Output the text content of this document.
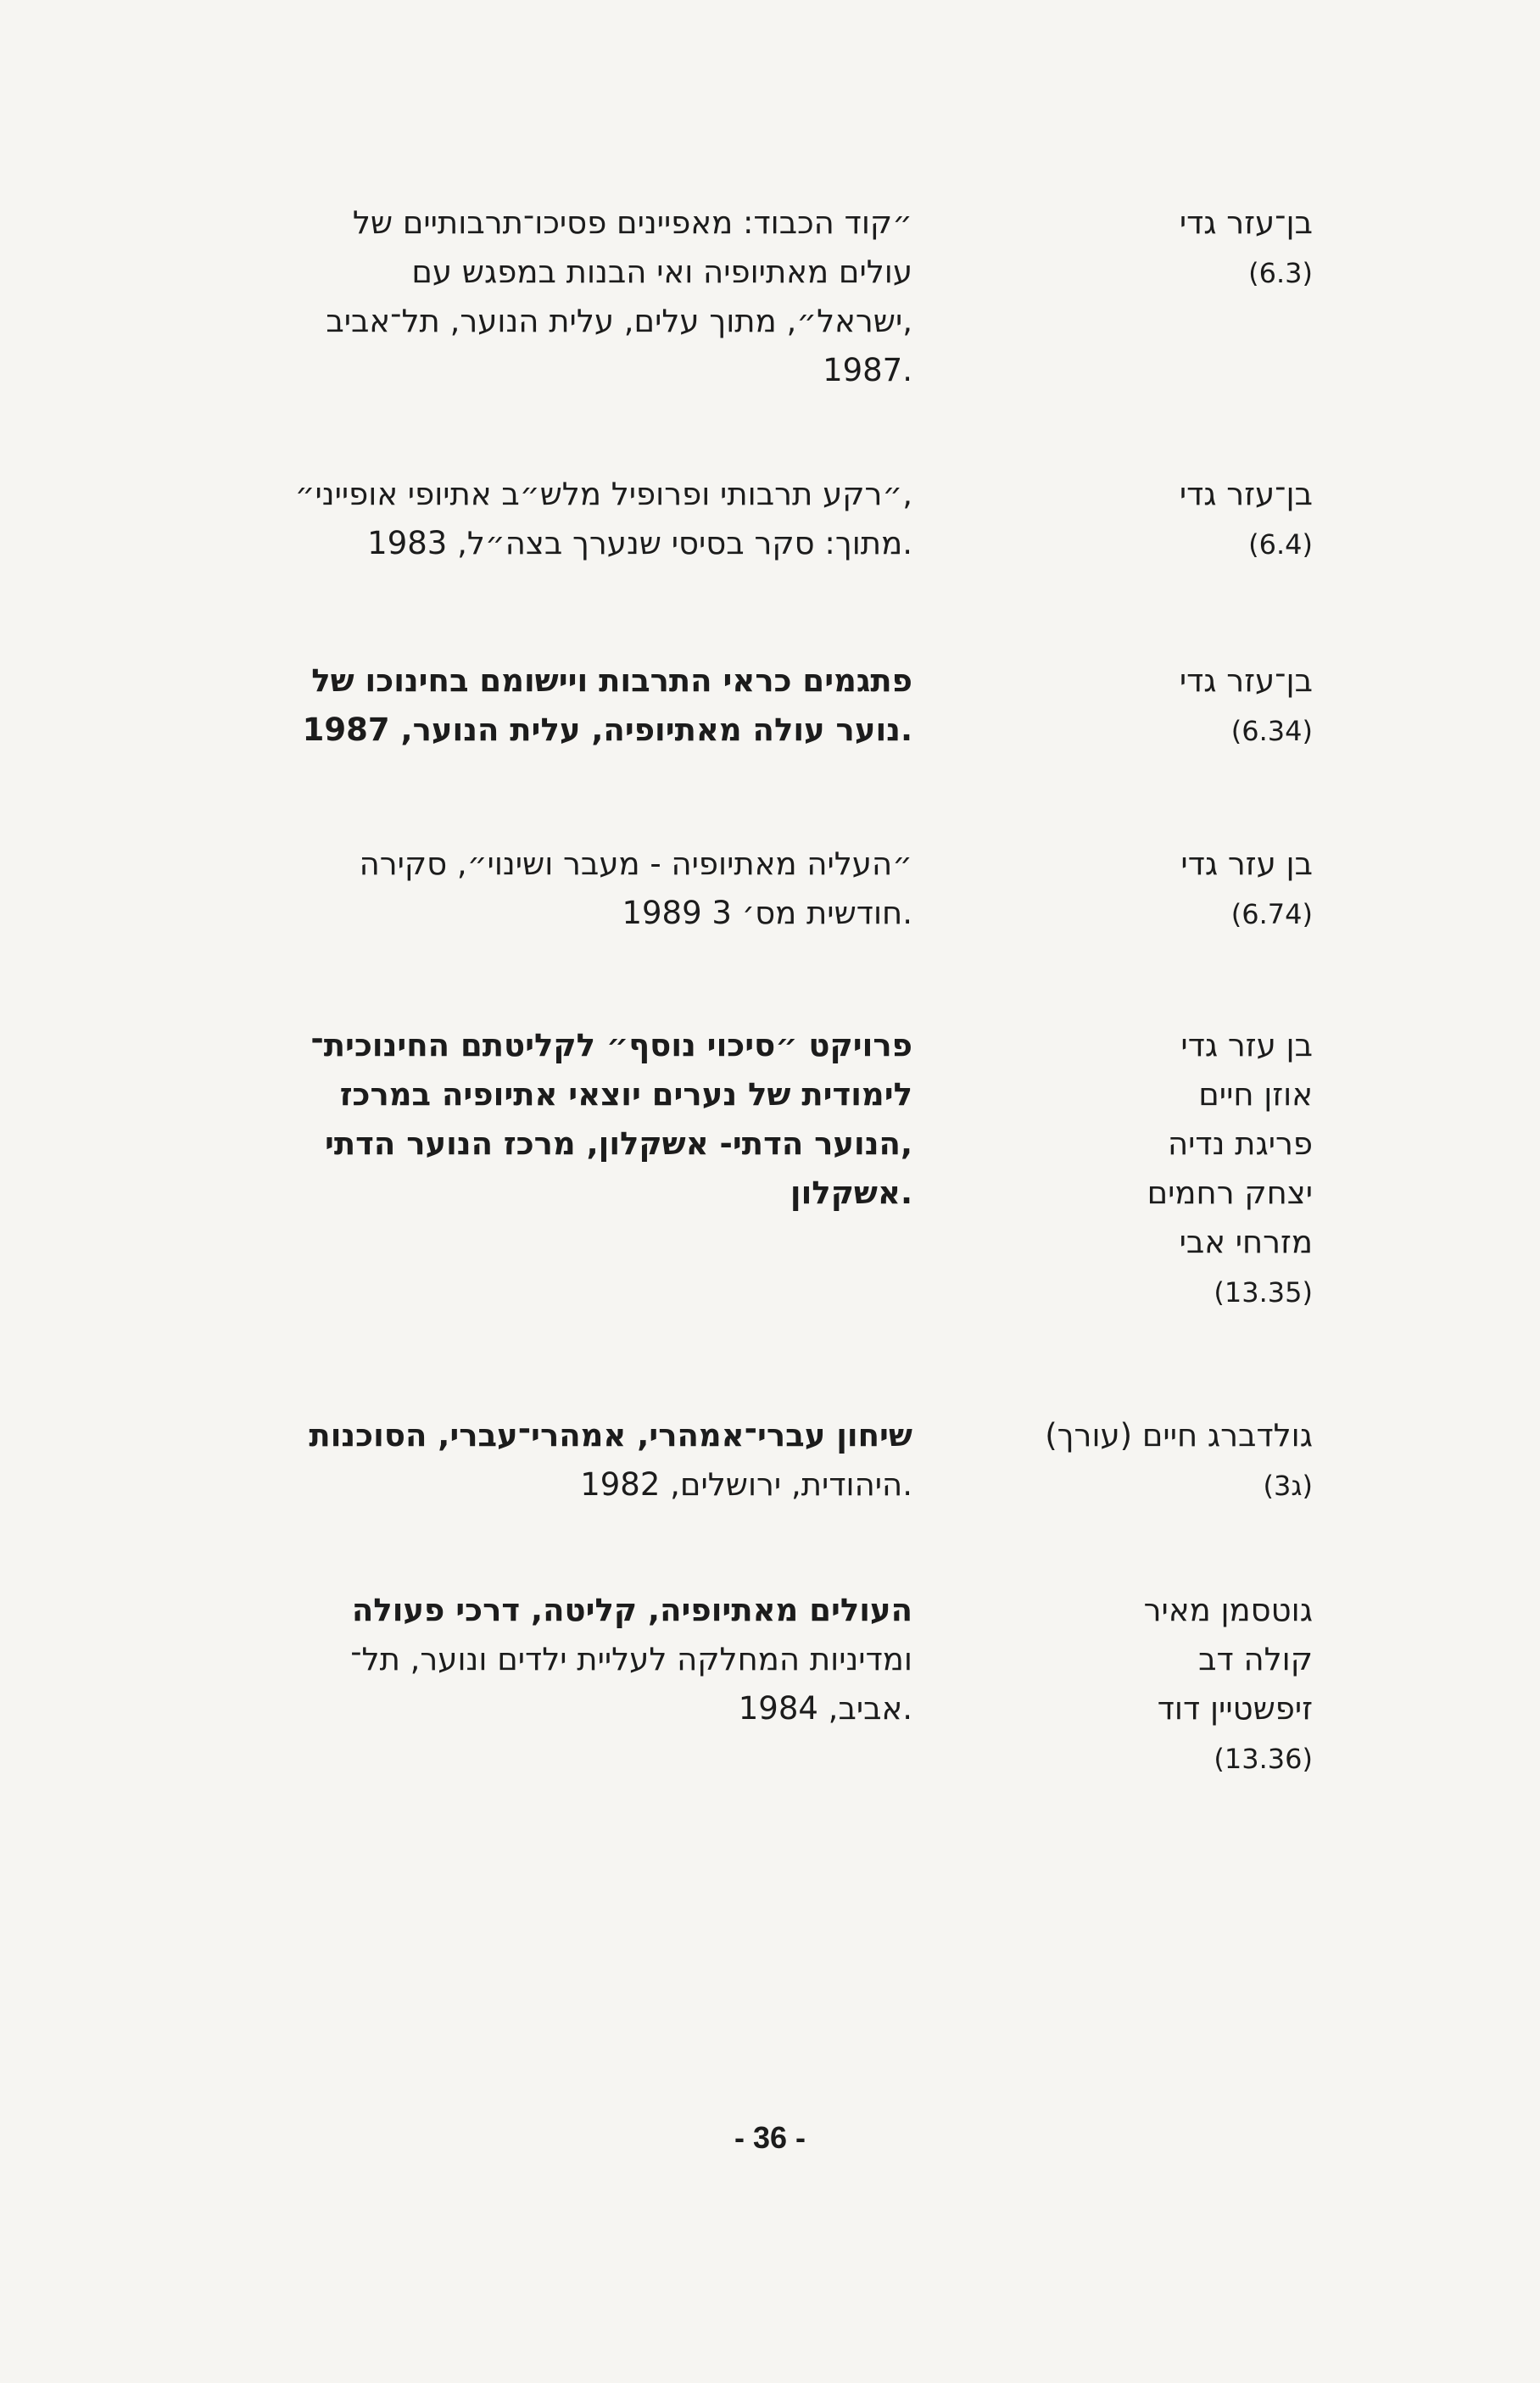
בן־עזר גדי
(6.3)
״קוד הכבוד: מאפיינים פסיכו־תרבותיים של
עולים מאתיופיה ואי הבנות במפגש עם
ישראל״, מתוך עלים, עלית הנוער, תל־אביב,
1987.
בן־עזר גדי
(6.4)
״רקע תרבותי ופרופיל מלש״ב אתיופי אופייני״,
מתוך: סקר בסיסי שנערך בצה״ל, 1983.
בן־עזר גדי
(6.34)
פתגמים כראי התרבות ויישומם בחינוכו של
נוער עולה מאתיופיה, עלית הנוער, 1987.
בן עזר גדי
(6.74)
״העליה מאתיופיה - מעבר ושינוי״, סקירה
חודשית מס׳ 3 1989.
בן עזר גדי
אוזן חיים
פריגת נדיה
יצחק רחמים
מזרחי אבי
(13.35)
פרויקט ״סיכוי נוסף״ לקליטתם החינוכית־
לימודית של נערים יוצאי אתיופיה במרכז
הנוער הדתי- אשקלון, מרכז הנוער הדתי,
אשקלון.
גולדברג חיים (עורך)
(3ג)
שיחון עברי־אמהרי, אמהרי־עברי, הסוכנות
היהודית, ירושלים, 1982.
גוטסמן מאיר
קולה דב
זיפשטיין דוד
(13.36)
העולים מאתיופיה, קליטה, דרכי פעולה
ומדיניות המחלקה לעליית ילדים ונוער, תל־
אביב, 1984.
- 36 -
